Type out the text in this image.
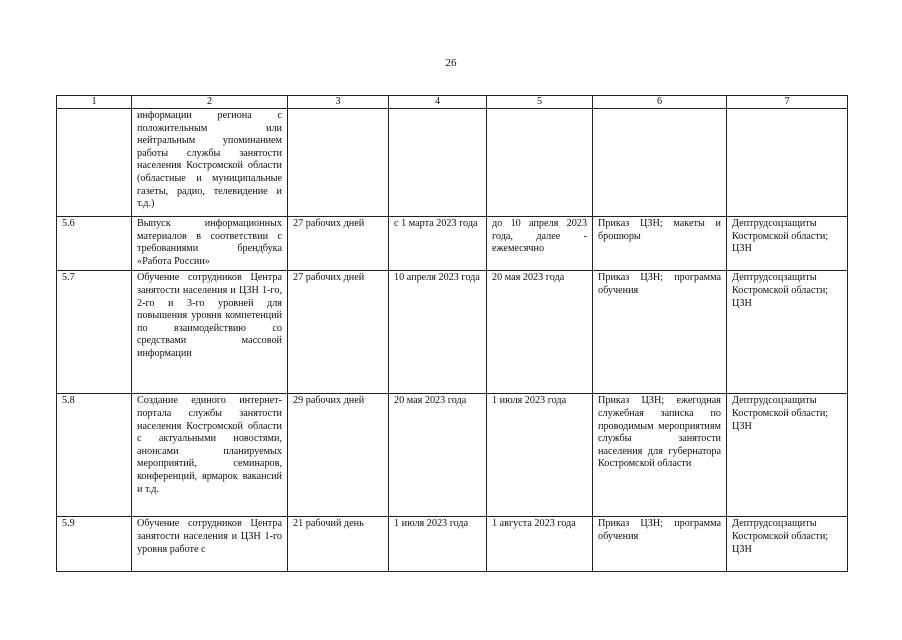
26
1	2	3	4	5	6	7
	информации региона с положительным или нейтральным упоминанием работы службы занятости населения Костромской области (областные и муниципальные газеты, радио, телевидение и т.д.)					
5.6	Выпуск информационных материалов в соответствии с требованиями брендбука «Работа России»	27 рабочих дней	с 1 марта 2023 года	до 10 апреля 2023 года, далее - ежемесячно	Приказ ЦЗН; макеты и брошюры	Дептрудсоцзащиты Костромской области; ЦЗН
5.7	Обучение сотрудников Центра занятости населения и ЦЗН 1-го, 2-го и 3-го уровней для повышения уровня компетенций по взаимодействию со средствами массовой информации	27 рабочих дней	10 апреля 2023 года	20 мая 2023 года	Приказ ЦЗН; программа обучения	Дептрудсоцзащиты Костромской области; ЦЗН
5.8	Создание единого интернет-портала службы занятости населения Костромской области с актуальными новостями, анонсами планируемых мероприятий, семинаров, конференций, ярмарок вакансий и т.д.	29 рабочих дней	20 мая 2023 года	1 июля 2023 года	Приказ ЦЗН; ежегодная служебная записка по проводимым мероприятиям службы занятости населения для губернатора Костромской области	Дептрудсоцзащиты Костромской области; ЦЗН
5.9	Обучение сотрудников Центра занятости населения и ЦЗН 1-го уровня работе с	21 рабочий день	1 июля 2023 года	1 августа 2023 года	Приказ ЦЗН; программа обучения	Дептрудсоцзащиты Костромской области; ЦЗН
